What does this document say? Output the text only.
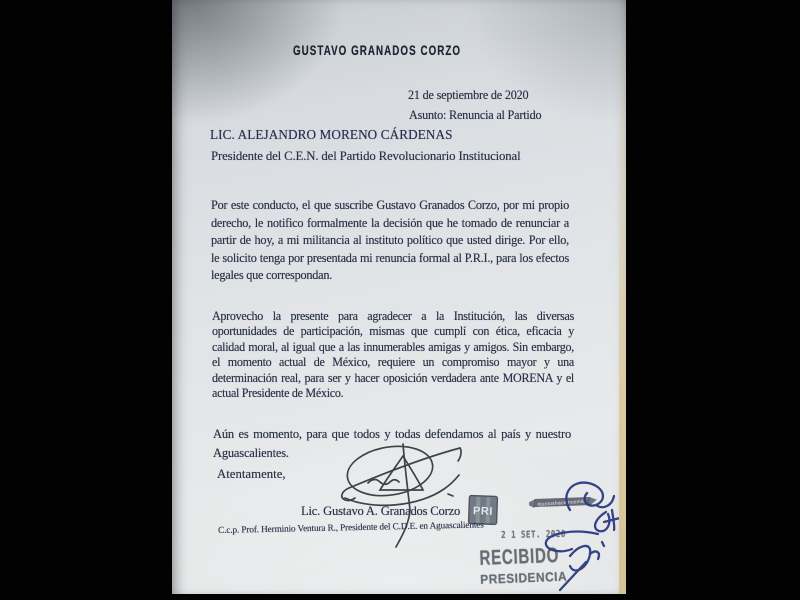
GUSTAVO GRANADOS CORZO
21 de septiembre de 2020
Asunto: Renuncia al Partido
LIC. ALEJANDRO MORENO CÁRDENAS
Presidente del C.E.N. del Partido Revolucionario Institucional
Por este conducto, el que suscribe Gustavo Granados Corzo, por mi propio derecho, le notifico formalmente la decisión que he tomado de renunciar a partir de hoy, a mi militancia al instituto político que usted dirige. Por ello, le solicito tenga por presentada mi renuncia formal al P.R.I., para los efectos legales que correspondan.
Aprovecho la presente para agradecer a la Institución, las diversas oportunidades de participación, mismas que cumplí con ética, eficacia y calidad moral, al igual que a las innumerables amigas y amigos. Sin embargo, el momento actual de México, requiere un compromiso mayor y una determinación real, para ser y hacer oposición verdadera ante MORENA y el actual Presidente de México.
Aún es momento, para que todos y todas defendamos al país y nuestro Aguascalientes.
Atentamente,
Lic. Gustavo A. Granados Corzo PRI
#juntoshacemosmás
C.c.p. Prof. Herminio Ventura R., Presidente del C.D.E. en Aguascalientes 2 1 SET. 2020
RECIBIDO
PRESIDENCIA
